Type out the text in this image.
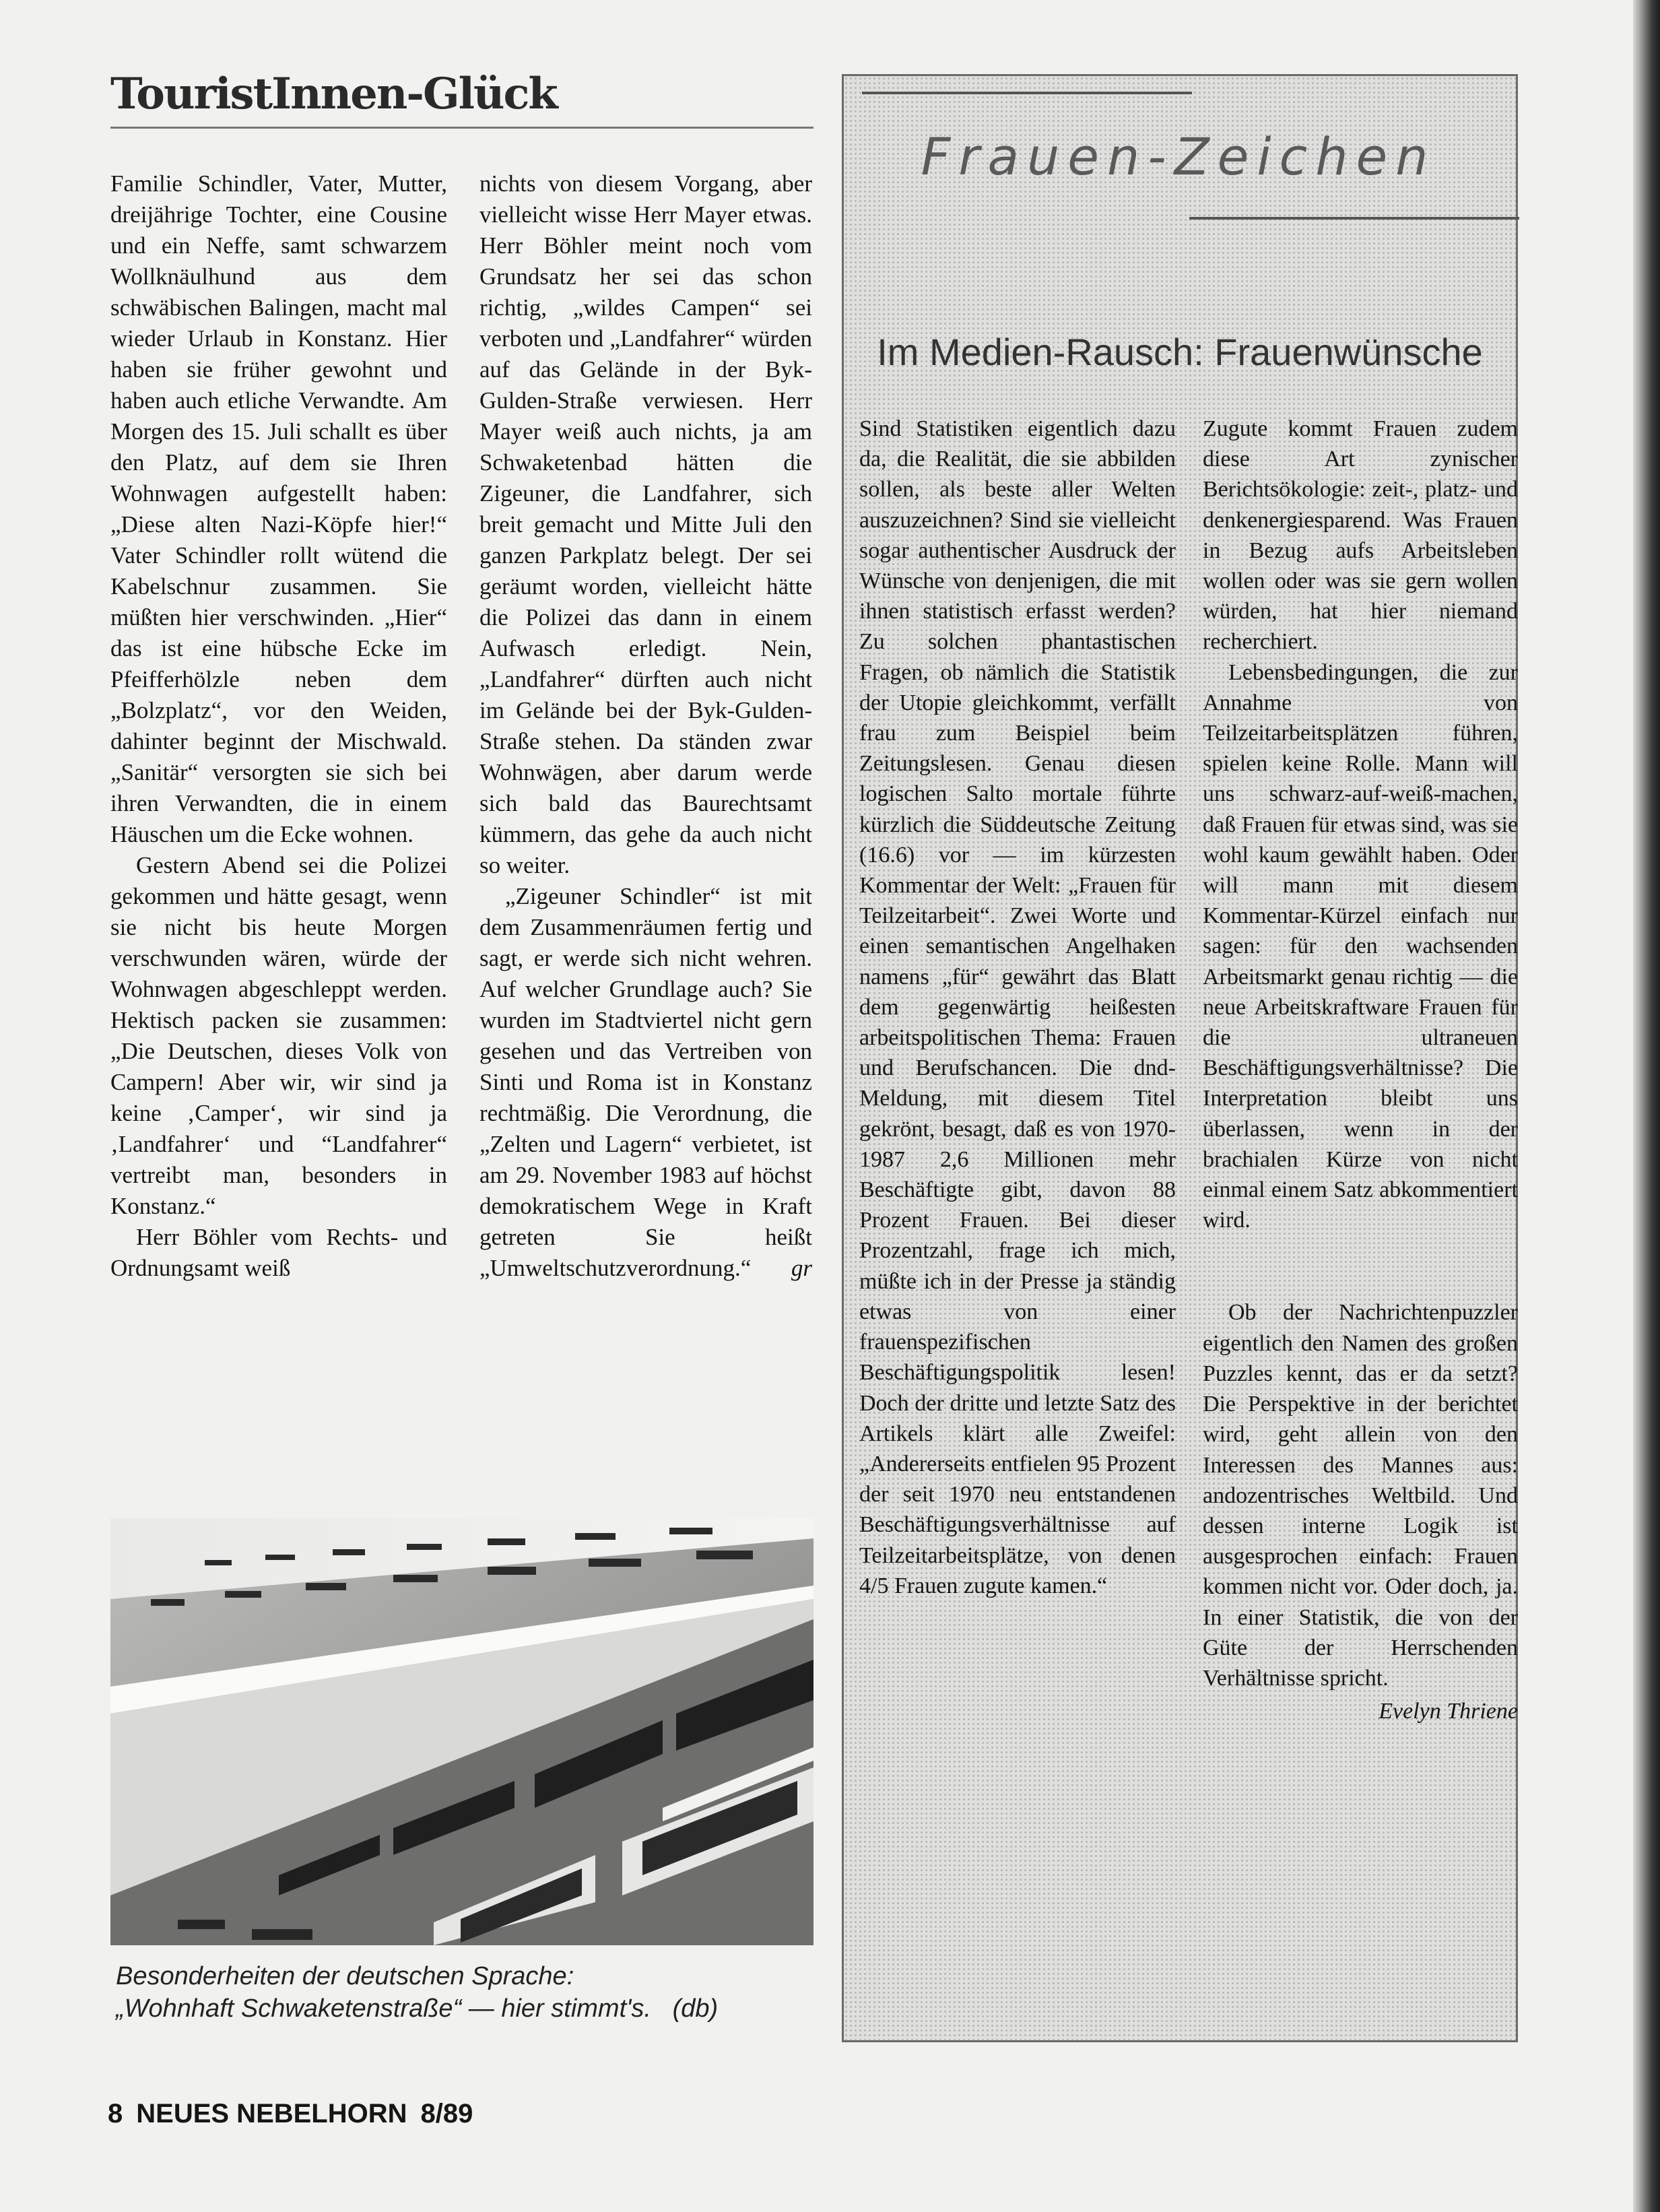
TouristInnen-Glück

Familie Schindler, Vater, Mutter, dreijährige Tochter, eine Cousine und ein Neffe, samt schwarzem Wollknäulhund aus dem schwäbischen Balingen, macht mal wieder Urlaub in Konstanz. Hier haben sie früher gewohnt und haben auch etliche Verwandte. Am Morgen des 15. Juli schallt es über den Platz, auf dem sie Ihren Wohnwagen aufgestellt haben: „Diese alten Nazi-Köpfe hier!“ Vater Schindler rollt wütend die Kabelschnur zusammen. Sie müßten hier verschwinden. „Hier“ das ist eine hübsche Ecke im Pfeifferhölzle neben dem „Bolzplatz“, vor den Weiden, dahinter beginnt der Mischwald. „Sanitär“ versorgten sie sich bei ihren Verwandten, die in einem Häuschen um die Ecke wohnen.

Gestern Abend sei die Polizei gekommen und hätte gesagt, wenn sie nicht bis heute Morgen verschwunden wären, würde der Wohnwagen abgeschleppt werden. Hektisch packen sie zusammen: „Die Deutschen, dieses Volk von Campern! Aber wir, wir sind ja keine ‚Camper‘, wir sind ja ‚Landfahrer‘ und “Landfahrer“ vertreibt man, besonders in Konstanz.“

Herr Böhler vom Rechts- und Ordnungsamt weiß

nichts von diesem Vorgang, aber vielleicht wisse Herr Mayer etwas. Herr Böhler meint noch vom Grundsatz her sei das schon richtig, „wildes Campen“ sei verboten und „Landfahrer“ würden auf das Gelände in der Byk-Gulden-Straße verwiesen. Herr Mayer weiß auch nichts, ja am Schwaketenbad hätten die Zigeuner, die Landfahrer, sich breit gemacht und Mitte Juli den ganzen Parkplatz belegt. Der sei geräumt worden, vielleicht hätte die Polizei das dann in einem Aufwasch erledigt. Nein, „Landfahrer“ dürften auch nicht im Gelände bei der Byk-Gulden-Straße stehen. Da ständen zwar Wohnwägen, aber darum werde sich bald das Baurechtsamt kümmern, das gehe da auch nicht so weiter.

„Zigeuner Schindler“ ist mit dem Zusammenräumen fertig und sagt, er werde sich nicht wehren. Auf welcher Grundlage auch? Sie wurden im Stadtviertel nicht gern gesehen und das Vertreiben von Sinti und Roma ist in Konstanz rechtmäßig. Die Verordnung, die „Zelten und Lagern“ verbietet, ist am 29. November 1983 auf höchst demokratischem Wege in Kraft getreten Sie heißt „Umweltschutzverordnung.“	gr

Besonderheiten der deutschen Sprache:
„Wohnhaft Schwaketenstraße“ — hier stimmt's.   (db)
Frauen-Zeichen
Im Medien-Rausch: Frauenwünsche

Sind Statistiken eigentlich dazu da, die Realität, die sie abbilden sollen, als beste aller Welten auszuzeichnen? Sind sie vielleicht sogar authentischer Ausdruck der Wünsche von denjenigen, die mit ihnen statistisch erfasst werden? Zu solchen phantastischen Fragen, ob nämlich die Statistik der Utopie gleichkommt, verfällt frau zum Beispiel beim Zeitungslesen. Genau diesen logischen Salto mortale führte kürzlich die Süddeutsche Zeitung (16.6) vor — im kürzesten Kommentar der Welt: „Frauen für Teilzeitarbeit“. Zwei Worte und einen semantischen Angelhaken namens „für“ gewährt das Blatt dem gegenwärtig heißesten arbeitspolitischen Thema: Frauen und Berufschancen. Die dnd-Meldung, mit diesem Titel gekrönt, besagt, daß es von 1970-1987 2,6 Millionen mehr Beschäftigte gibt, davon 88 Prozent Frauen. Bei dieser Prozentzahl, frage ich mich, müßte ich in der Presse ja ständig etwas von einer frauenspezifischen Beschäftigungspolitik lesen! Doch der dritte und letzte Satz des Artikels klärt alle Zweifel: „Andererseits entfielen 95 Prozent der seit 1970 neu entstandenen Beschäftigungsverhältnisse auf Teilzeitarbeitsplätze, von denen 4/5 Frauen zugute kamen.“

Zugute kommt Frauen zudem diese Art zynischer Berichtsökologie: zeit-, platz- und denkenergiesparend. Was Frauen in Bezug aufs Arbeitsleben wollen oder was sie gern wollen würden, hat hier niemand recherchiert.

Lebensbedingungen, die zur Annahme von Teilzeitarbeitsplätzen führen, spielen keine Rolle. Mann will uns schwarz-auf-weiß-machen, daß Frauen für etwas sind, was sie wohl kaum gewählt haben. Oder will mann mit diesem Kommentar-Kürzel einfach nur sagen: für den wachsenden Arbeitsmarkt genau richtig — die neue Arbeitskraftware Frauen für die ultraneuen Beschäftigungsverhältnisse? Die Interpretation bleibt uns überlassen, wenn in der brachialen Kürze von nicht einmal einem Satz abkommentiert wird.

Ob der Nachrichtenpuzzler eigentlich den Namen des großen Puzzles kennt, das er da setzt? Die Perspektive in der berichtet wird, geht allein von den Interessen des Mannes aus: andozentrisches Weltbild. Und dessen interne Logik ist ausgesprochen einfach: Frauen kommen nicht vor. Oder doch, ja. In einer Statistik, die von der Güte der Herrschenden Verhältnisse spricht.

Evelyn Thriene

8 NEUES NEBELHORN 8/89
